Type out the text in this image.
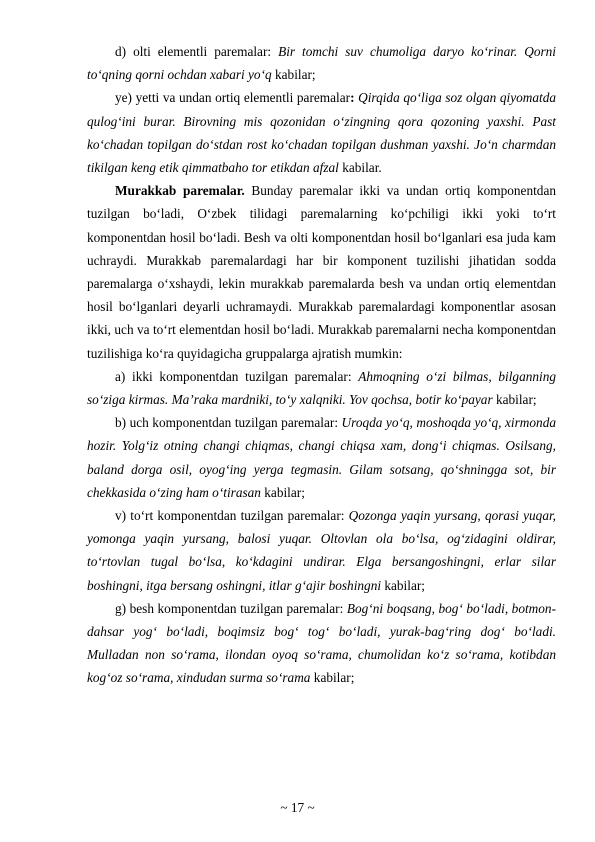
d) olti elementli paremalar: Bir tomchi suv chumoliga daryo ko‘rinar. Qorni to‘qning qorni ochdan xabari yo‘q kabilar;

ye) yetti va undan ortiq elementli paremalar: Qirqida qo‘liga soz olgan qiyomatda qulog‘ini burar. Birovning mis qozonidan o‘zingning qora qozoning yaxshi. Past ko‘chadan topilgan do‘stdan rost ko‘chadan topilgan dushman yaxshi. Jo‘n charmdan tikilgan keng etik qimmatbaho tor etikdan afzal kabilar.

Murakkab paremalar. Bunday paremalar ikki va undan ortiq komponentdan tuzilgan bo‘ladi, O‘zbek tilidagi paremalarning ko‘pchiligi ikki yoki to‘rt komponentdan hosil bo‘ladi. Besh va olti komponentdan hosil bo‘lganlari esa juda kam uchraydi. Murakkab paremalardagi har bir komponent tuzilishi jihatidan sodda paremalarga o‘xshaydi, lekin murakkab paremalarda besh va undan ortiq elementdan hosil bo‘lganlari deyarli uchramaydi. Murakkab paremalardagi komponentlar asosan ikki, uch va to‘rt elementdan hosil bo‘ladi. Murakkab paremalarni necha komponentdan tuzilishiga ko‘ra quyidagicha gruppalarga ajratish mumkin:

a) ikki komponentdan tuzilgan paremalar: Ahmoqning o‘zi bilmas, bilganning so‘ziga kirmas. Ma’raka mardniki, to‘y xalqniki. Yov qochsa, botir ko‘payar kabilar;

b) uch komponentdan tuzilgan paremalar: Uroqda yo‘q, moshoqda yo‘q, xirmonda hozir. Yolg‘iz otning changi chiqmas, changi chiqsa xam, dong‘i chiqmas. Osilsang, baland dorga osil, oyog‘ing yerga tegmasin. Gilam sotsang, qo‘shningga sot, bir chekkasida o‘zing ham o‘tirasan kabilar;

v) to‘rt komponentdan tuzilgan paremalar: Qozonga yaqin yursang, qorasi yuqar, yomonga yaqin yursang, balosi yuqar. Oltovlan ola bo‘lsa, og‘zidagini oldirar, to‘rtovlan tugal bo‘lsa, ko‘kdagini undirar. Elga bersangoshingni, erlar silar boshingni, itga bersang oshingni, itlar g‘ajir boshingni kabilar;

g) besh komponentdan tuzilgan paremalar: Bog‘ni boqsang, bog‘ bo‘ladi, botmon-dahsar yog‘ bo‘ladi, boqimsiz bog‘ tog‘ bo‘ladi, yurak-bag‘ring dog‘ bo‘ladi. Mulladan non so‘rama, ilondan oyoq so‘rama, chumolidan ko‘z so‘rama, kotibdan kog‘oz so‘rama, xindudan surma so‘rama kabilar;

~ 17 ~
